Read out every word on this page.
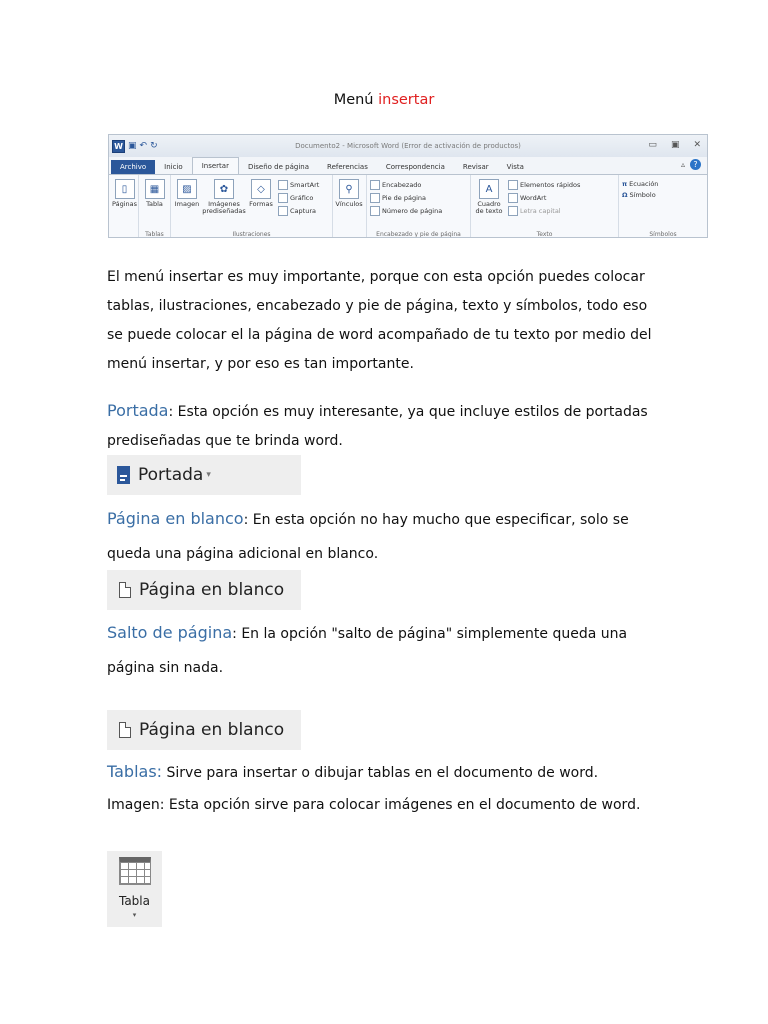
Menú insertar
W ▣ ↶ ↻	Documento2 - Microsoft Word (Error de activación de productos)	▭ ▣ ✕
Archivo	Inicio	Insertar	Diseño de página	Referencias	Correspondencia	Revisar	Vista	▵	?
▯
Páginas
▦
Tabla
Tablas
▨
Imagen
✿
Imágenes prediseñadas
◇
Formas
SmartArt
Gráfico
Captura
Ilustraciones
⚲
Vínculos
Encabezado
Pie de página
Número de página
Encabezado y pie de página
A
Cuadro de texto
Elementos rápidos
WordArt
Letra capital
Texto
π Ecuación
Ω Símbolo
Símbolos

El menú insertar es muy importante, porque con esta opción puedes colocar tablas, ilustraciones, encabezado y pie de página, texto y símbolos, todo eso se puede colocar el la página de word acompañado de tu texto por medio del menú insertar, y por eso es tan importante.

Portada: Esta opción es muy interesante, ya que incluye estilos de portadas prediseñadas que te brinda word.

Portada ▾

Página en blanco: En esta opción no hay mucho que especificar, solo se queda una página adicional en blanco.

Página en blanco

Salto de página: En la opción "salto de página" simplemente queda una página sin nada.

Página en blanco

Tablas: Sirve para insertar o dibujar tablas en el documento de word.

Imagen: Esta opción sirve para colocar imágenes en el documento de word.

Tabla
▾
